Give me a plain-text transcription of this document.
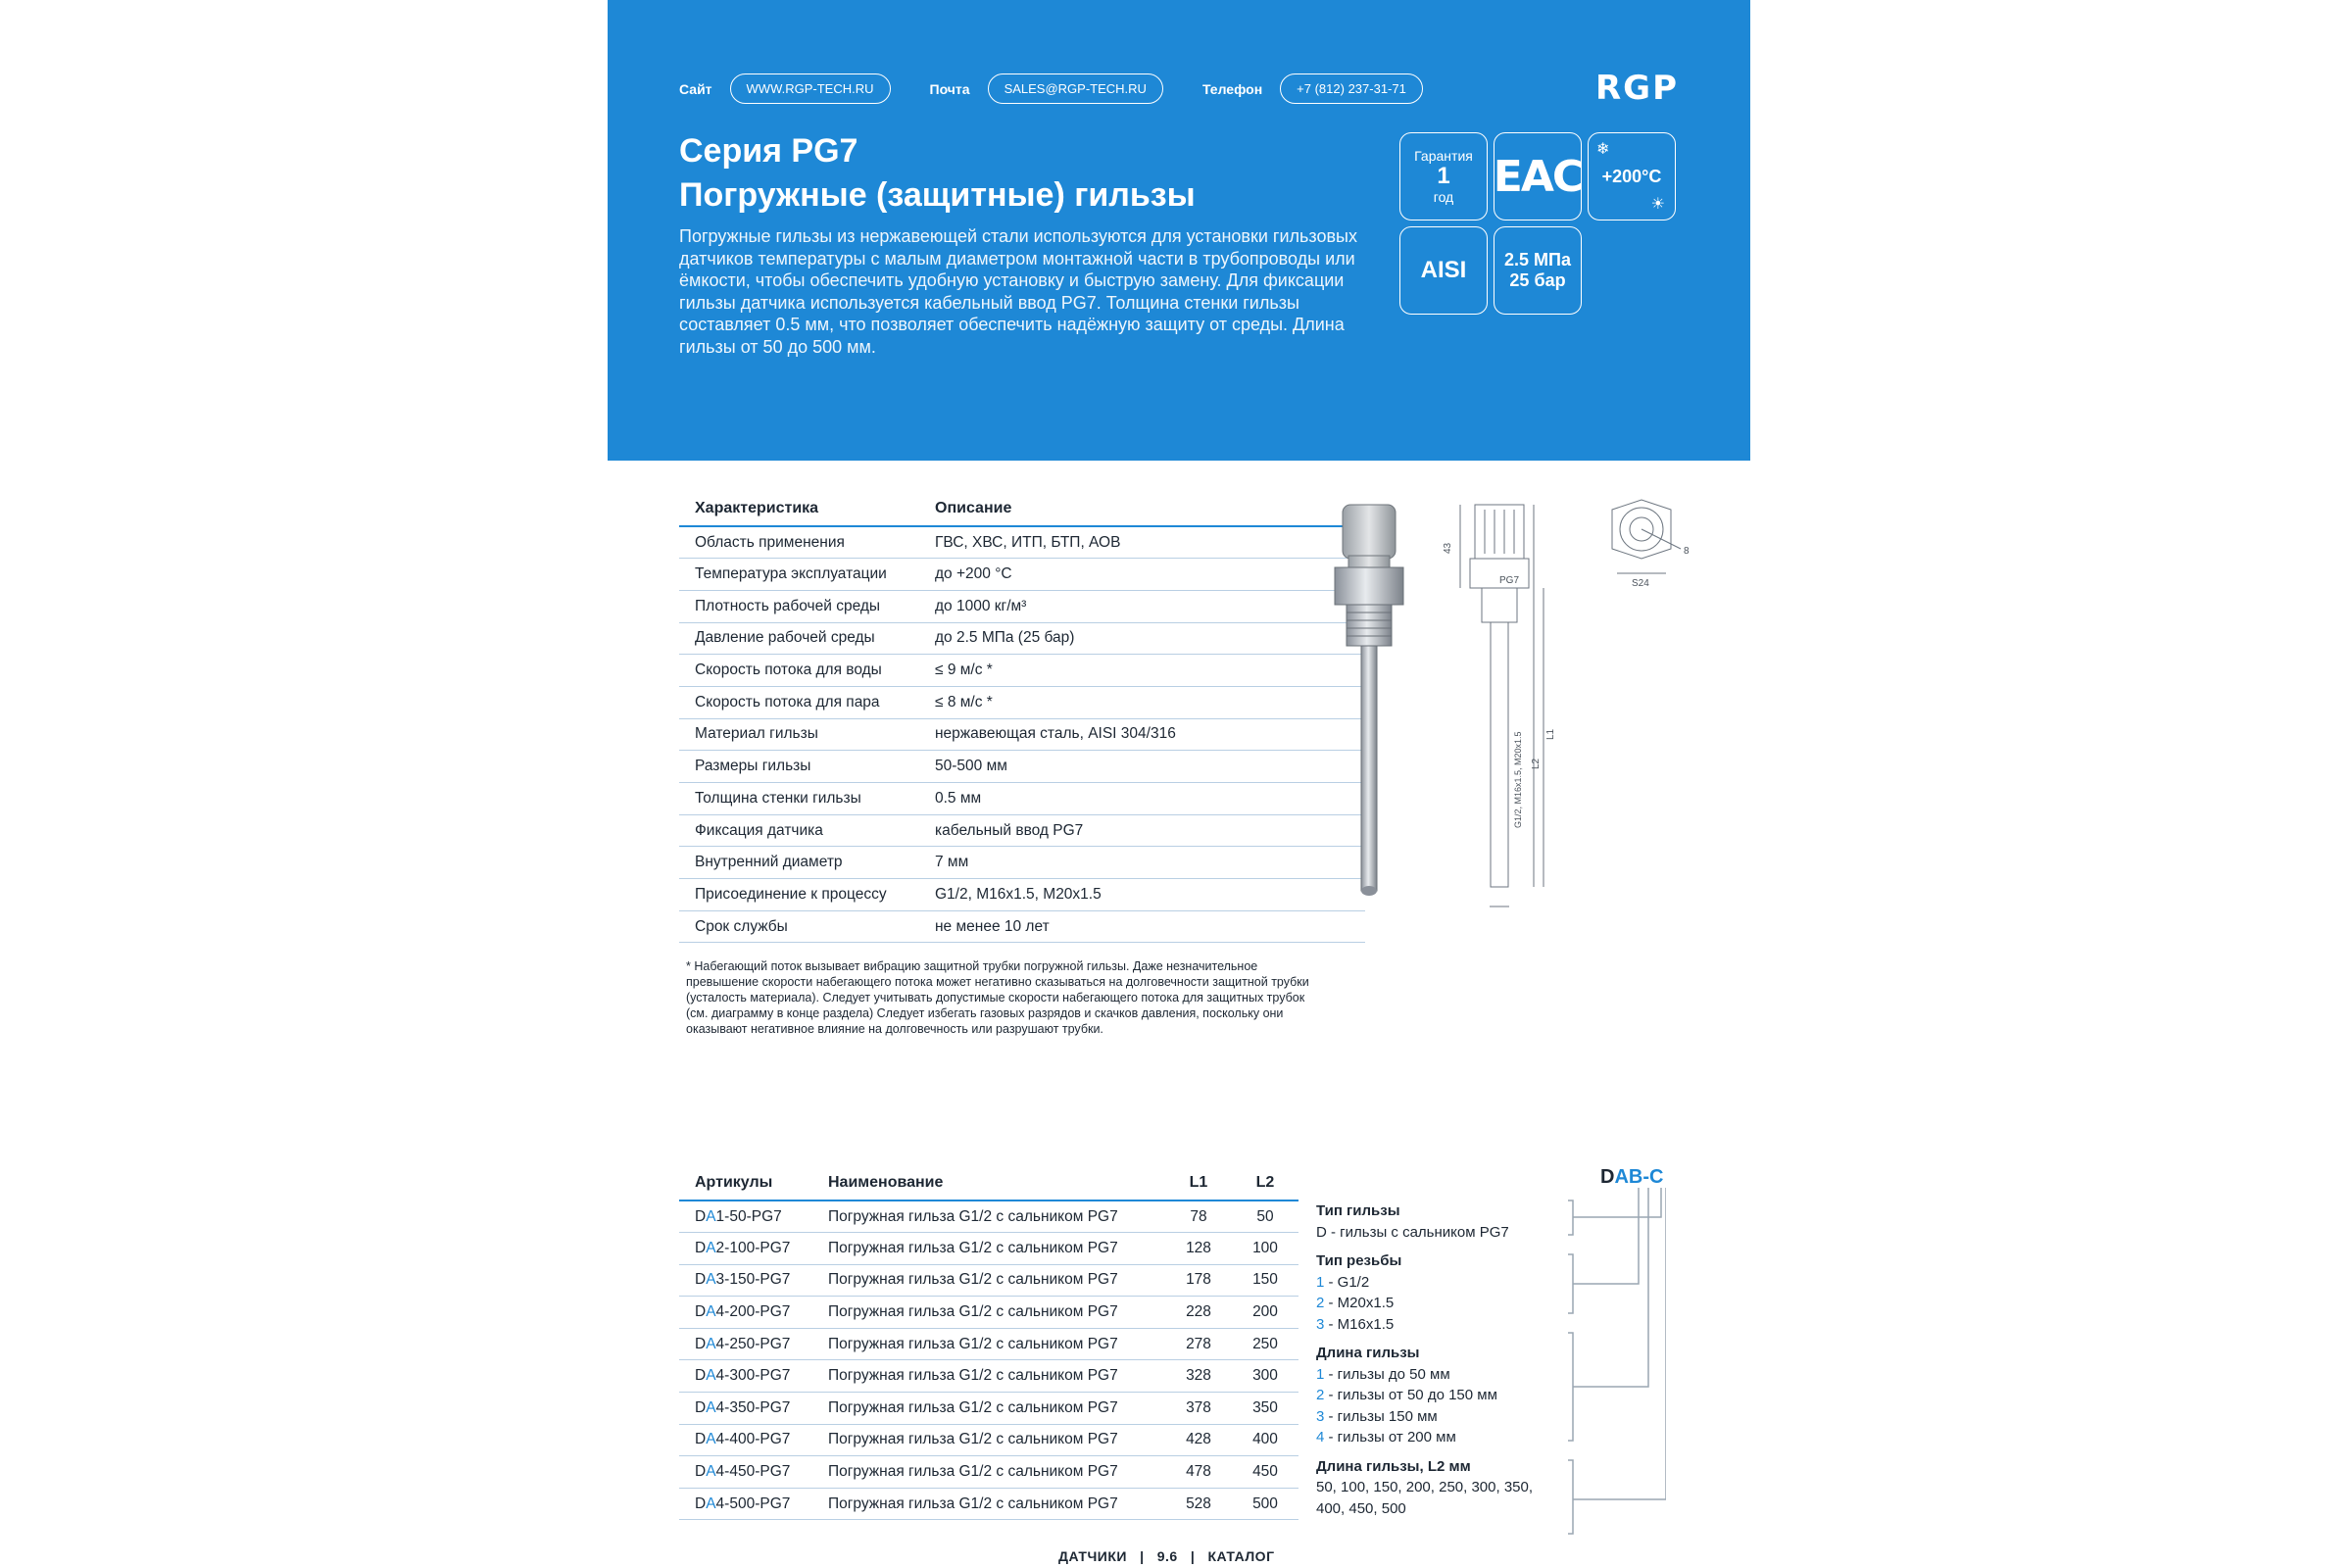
Сайт	WWW.RGP-TECH.RU	Почта	SALES@RGP-TECH.RU	Телефон	+7 (812) 237-31-71	RGP
Серия PG7
Погружные (защитные) гильзы
Погружные гильзы из нержавеющей стали используются для установки гильзовых датчиков температуры с малым диаметром монтажной части в трубопроводы или ёмкости, чтобы обеспечить удобную установку и быструю замену. Для фиксации гильзы датчика используется кабельный ввод PG7. Толщина стенки гильзы составляет 0.5 мм, что позволяет обеспечить надёжную защиту от среды. Длина гильзы от 50 до 500 мм.
Гарантия
1
год ЕАС
❄
+200°C
☀
AISI 2.5 МПа
25 бар
Характеристика	Описание
Область применения	ГВС, ХВС, ИТП, БТП, АОВ
Температура эксплуатации	до +200 °C
Плотность рабочей среды	до 1000 кг/м³
Давление рабочей среды	до 2.5 МПа (25 бар)
Скорость потока для воды	≤ 9 м/с *
Скорость потока для пара	≤ 8 м/с *
Материал гильзы	нержавеющая сталь, AISI 304/316
Размеры гильзы	50-500 мм
Толщина стенки гильзы	0.5 мм
Фиксация датчика	кабельный ввод PG7
Внутренний диаметр	7 мм
Присоединение к процессу	G1/2, M16x1.5, M20x1.5
Срок службы	не менее 10 лет
* Набегающий поток вызывает вибрацию защитной трубки погружной гильзы. Даже незначительное превышение скорости набегающего потока может негативно сказываться на долговечности защитной трубки (усталость материала). Следует учитывать допустимые скорости набегающего потока для защитных трубок (см. диаграмму в конце раздела) Следует избегать газовых разрядов и скачков давления, поскольку они оказывают негативное влияние на долговечность или разрушают трубки.
43
PG7
L1
L2
G1/2, M16x1.5, M20x1.5
S24
8
Артикулы	Наименование	L1	L2
DA1-50-PG7	Погружная гильза G1/2 с сальником PG7	78	50
DA2-100-PG7	Погружная гильза G1/2 с сальником PG7	128	100
DA3-150-PG7	Погружная гильза G1/2 с сальником PG7	178	150
DA4-200-PG7	Погружная гильза G1/2 с сальником PG7	228	200
DA4-250-PG7	Погружная гильза G1/2 с сальником PG7	278	250
DA4-300-PG7	Погружная гильза G1/2 с сальником PG7	328	300
DA4-350-PG7	Погружная гильза G1/2 с сальником PG7	378	350
DA4-400-PG7	Погружная гильза G1/2 с сальником PG7	428	400
DA4-450-PG7	Погружная гильза G1/2 с сальником PG7	478	450
DA4-500-PG7	Погружная гильза G1/2 с сальником PG7	528	500
DAB-C
Тип гильзы
D - гильзы с сальником PG7
Тип резьбы
1 - G1/2
2 - M20x1.5
3 - M16x1.5
Длина гильзы
1 - гильзы до 50 мм
2 - гильзы от 50 до 150 мм
3 - гильзы 150 мм
4 - гильзы от 200 мм
Длина гильзы, L2 мм
50, 100, 150, 200, 250, 300, 350, 400, 450, 500
ДАТЧИКИ | 9.6 | КАТАЛОГ
